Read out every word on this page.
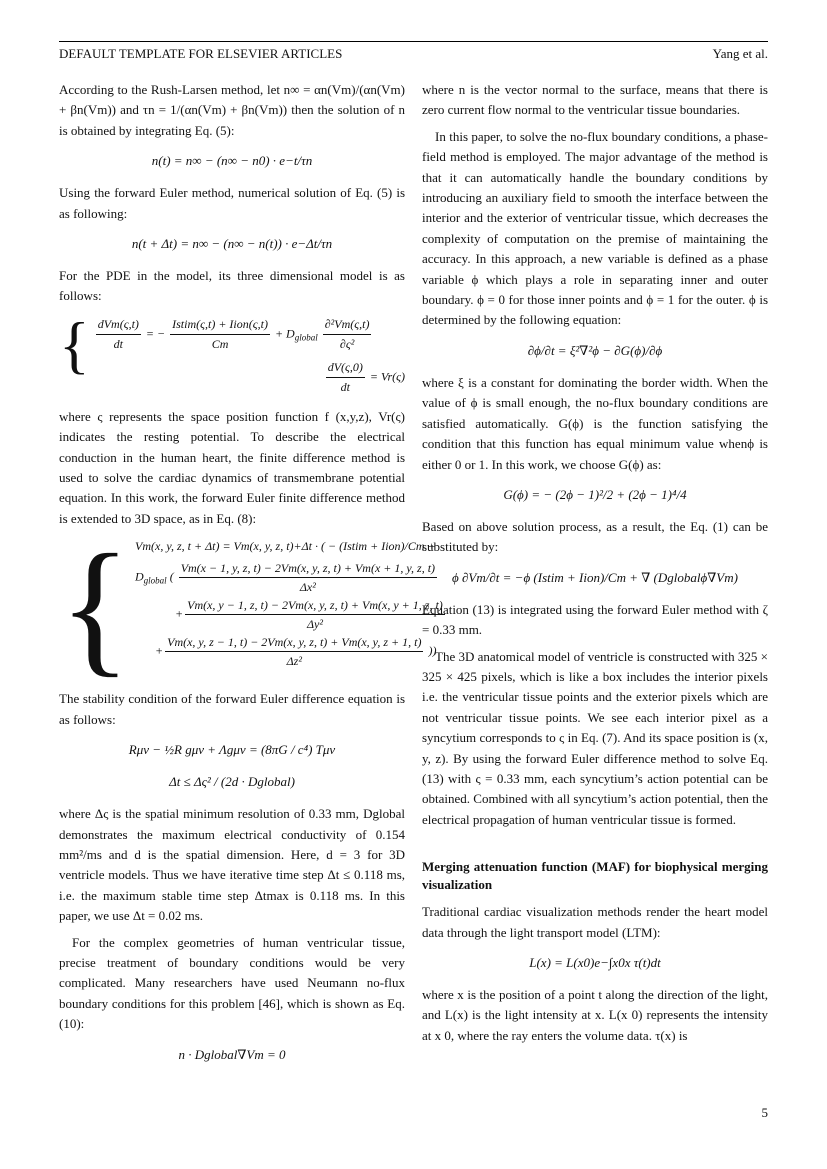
DEFAULT TEMPLATE FOR ELSEVIER ARTICLES	Yang et al.

According to the Rush-Larsen method, let n∞ = αn(Vm)/(αn(Vm) + βn(Vm)) and τn = 1/(αn(Vm) + βn(Vm)) then the solution of n is obtained by integrating Eq. (5):

n(t) = n∞ − (n∞ − n0) · e−t/τn

Using the forward Euler method, numerical solution of Eq. (5) is as following:

n(t + Δt) = n∞ − (n∞ − n(t)) · e−Δt/τn

For the PDE in the model, its three dimensional model is as follows:

{ $\frac{\text{dVm(ς,t)}}{dt}$ = − $\frac{\text{Istim(ς,t) + Iion(ς,t)}}{Cm} + D_{global} \frac{\text{∂²Vm(ς,t)}}{\text{∂ς²}}$
$\frac{dV(\varsigma,0)}{dt} = Vr(\varsigma)$

where ς represents the space position function f (x,y,z), Vr(ς) indicates the resting potential. To describe the electrical conduction in the human heart, the finite difference method is used to solve the cardiac dynamics of transmembrane potential equation. In this work, the forward Euler finite difference method is extended to 3D space, as in Eq. (8):

{ Vm(x, y, z, t + Δt) = Vm(x, y, z, t)+Δt · ( − (Istim + Iion)/Cm +
$D_{global}$ ( $\frac{Vm(x - 1, y, z, t) - 2Vm(x, y, z, t) + Vm(x + 1, y, z, t)}{\text{Δx²}}$
+ $\frac{Vm(x, y - 1, z, t) - 2Vm(x, y, z, t) + Vm(x, y + 1, z, t)}{\text{Δy²}}$
+ $\frac{Vm(x, y, z - 1, t) - 2Vm(x, y, z, t) + Vm(x, y, z + 1, t)}{\text{Δz²}}$ ))

The stability condition of the forward Euler difference equation is as follows:

Rμν − ½R gμν + Λgμν = (8πG / c⁴) Tμν
Δt ≤ Δς² / (2d · Dglobal)

where Δς is the spatial minimum resolution of 0.33 mm, Dglobal demonstrates the maximum electrical conductivity of 0.154 mm²/ms and d is the spatial dimension. Here, d = 3 for 3D ventricle models. Thus we have iterative time step Δt ≤ 0.118 ms, i.e. the maximum stable time step Δtmax is 0.118 ms. In this paper, we use Δt = 0.02 ms.

For the complex geometries of human ventricular tissue, precise treatment of boundary conditions would be very complicated. Many researchers have used Neumann no-flux boundary conditions for this problem [46], which is shown as Eq. (10):

n · Dglobal∇Vm = 0

where n is the vector normal to the surface, means that there is zero current flow normal to the ventricular tissue boundaries.

In this paper, to solve the no-flux boundary conditions, a phase-field method is employed. The major advantage of the method is that it can automatically handle the boundary conditions by introducing an auxiliary field to smooth the interface between the interior and the exterior of ventricular tissue, which decreases the complexity of computation on the premise of maintaining the accuracy. In this approach, a new variable is defined as a phase variable ϕ which plays a role in separating inner and outer boundary. ϕ = 0 for those inner points and ϕ = 1 for the outer. ϕ is determined by the following equation:

∂ϕ/∂t = ξ²∇²ϕ − ∂G(ϕ)/∂ϕ

where ξ is a constant for dominating the border width. When the value of ϕ is small enough, the no-flux boundary conditions are satisfied automatically. G(ϕ) is the function satisfying the condition that this function has equal minimum value whenϕ is either 0 or 1. In this work, we choose G(ϕ) as:

G(ϕ) = − (2ϕ − 1)²/2 + (2ϕ − 1)⁴/4

Based on above solution process, as a result, the Eq. (1) can be substituted by:

ϕ ∂Vm/∂t = −ϕ (Istim + Iion)/Cm + ∇ (Dglobalϕ∇Vm)

Equation (13) is integrated using the forward Euler method with ζ = 0.33 mm.

The 3D anatomical model of ventricle is constructed with 325 × 325 × 425 pixels, which is like a box includes the interior pixels i.e. the ventricular tissue points and the exterior pixels which are not ventricular tissue points. We see each interior pixel as a syncytium corresponds to ς in Eq. (7). And its space position is (x, y, z). By using the forward Euler difference method to solve Eq. (13) with ς = 0.33 mm, each syncytium’s action potential can be obtained. Combined with all syncytium’s action potential, then the electrical propagation of human ventricular tissue is formed.

Merging attenuation function (MAF) for biophysical merging visualization

Traditional cardiac visualization methods render the heart model data through the light transport model (LTM):

L(x) = L(x0)e−∫x0x τ(t)dt

where x is the position of a point t along the direction of the light, and L(x) is the light intensity at x. L(x 0) represents the intensity at x 0, where the ray enters the volume data. τ(x) is

5
